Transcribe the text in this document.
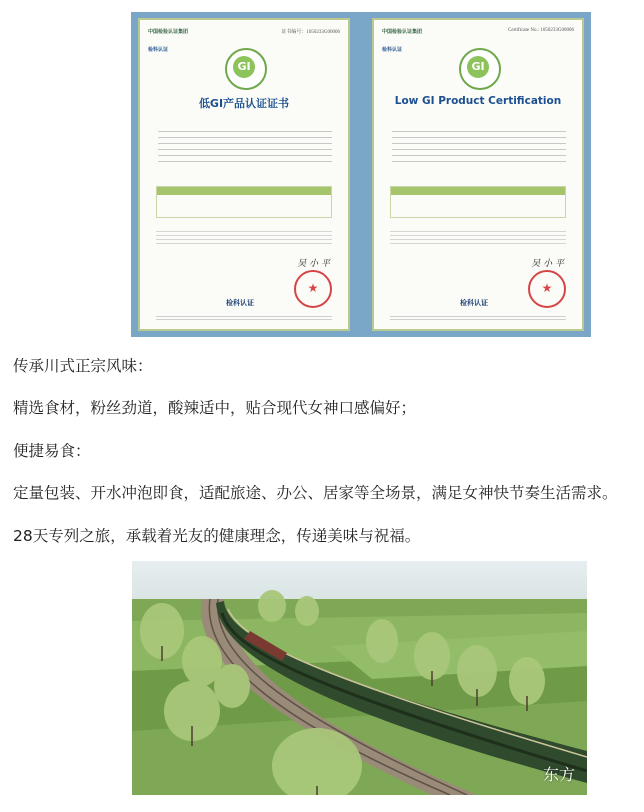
中国检验认证集团	证书编号：1050233G00006
检科认证
GI
低GI产品认证证书
吴 小 平
★
检科认证
中国检验认证集团	Certificate No.: 1050233G00006
检科认证
GI
Low GI Product Certification
吴 小 平
★
检科认证
传承川式正宗风味：
精选食材，粉丝劲道，酸辣适中，贴合现代女神口感偏好；
便捷易食：
定量包装、开水冲泡即食，适配旅途、办公、居家等全场景，满足女神快节奏生活需求。
28天专列之旅，承载着光友的健康理念，传递美味与祝福。
东方
